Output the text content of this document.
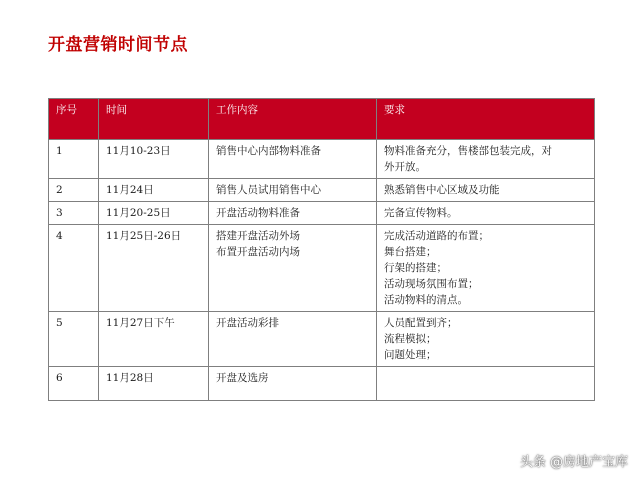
开盘营销时间节点
序号	时间	工作内容	要求
1	11月10-23日	销售中心内部物料准备	物料准备充分，售楼部包装完成，对
外开放。

2	11月24日	销售人员试用销售中心	熟悉销售中心区域及功能

3	11月20-25日	开盘活动物料准备	完备宣传物料。

4	11月25日-26日	搭建开盘活动外场
布置开盘活动内场	完成活动道路的布置；
舞台搭建；
行架的搭建；
活动现场氛围布置；
活动物料的清点。

5	11月27日下午	开盘活动彩排	人员配置到齐；
流程模拟；
问题处理；

6	11月28日	开盘及选房	

头条 @房地产宝库
